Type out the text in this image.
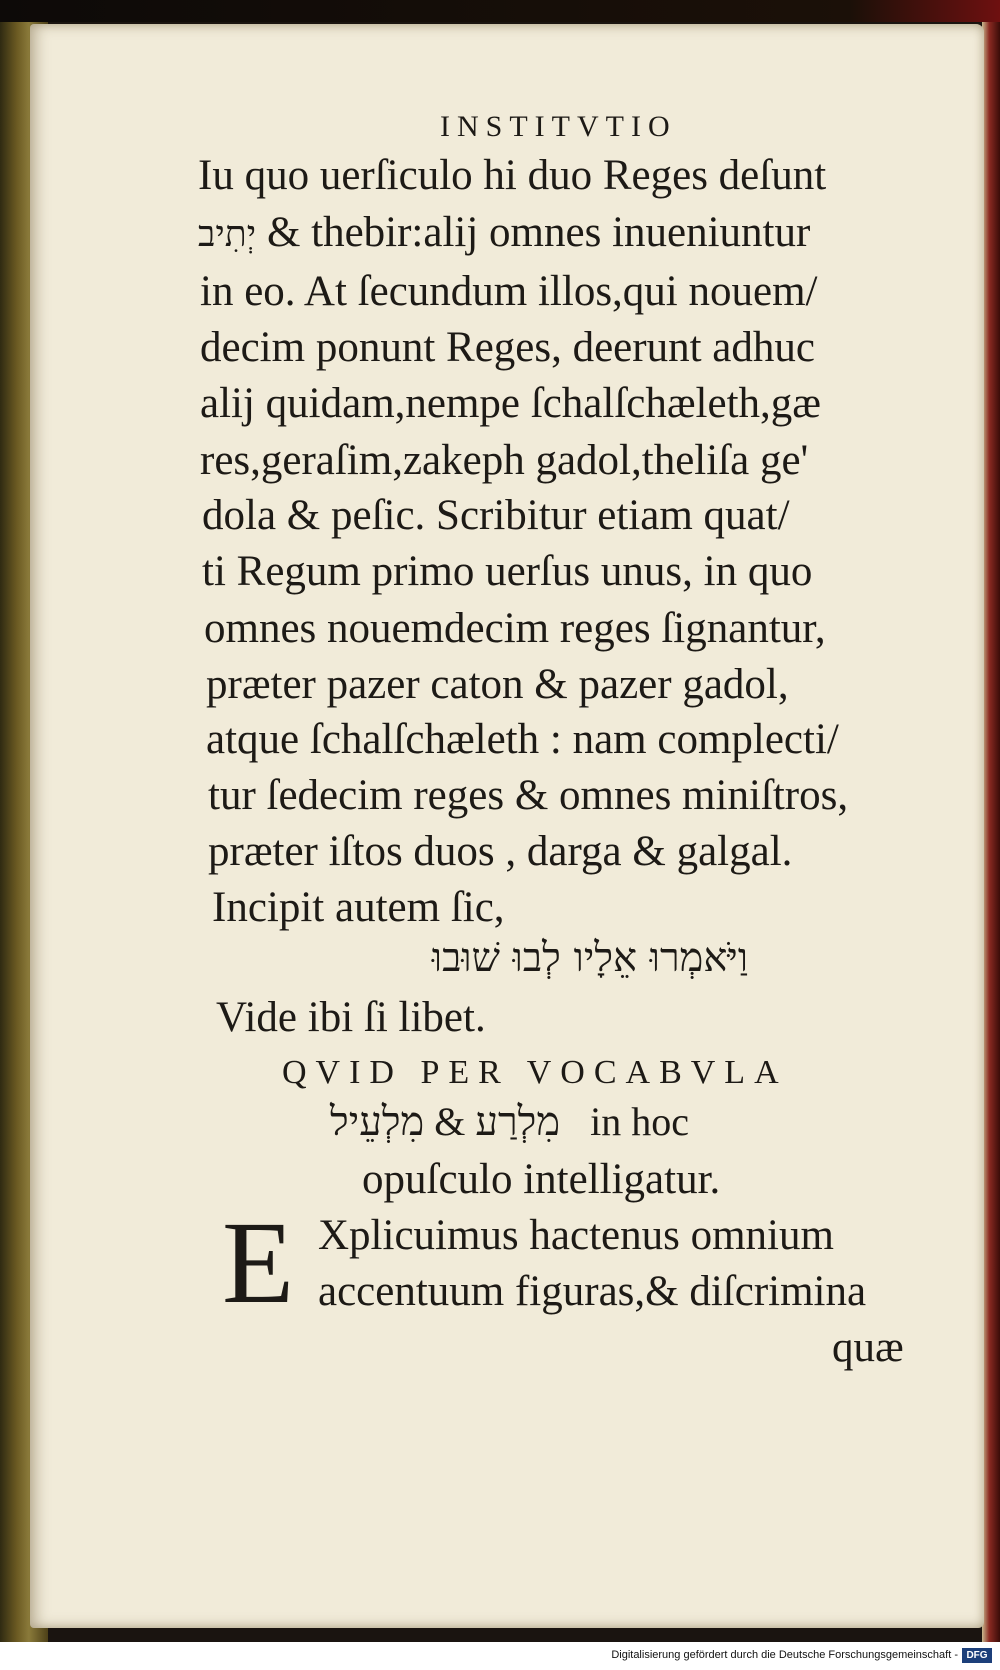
INSTITVTIO
Iu quo uerſiculo hi duo Reges deſunt
יְתִיב & thebir:alij omnes inueniuntur
in eo. At ſecundum illos,qui nouem/
decim ponunt Reges, deerunt adhuc
alij quidam,nempe ſchalſchæleth,gæ
res,geraſim,zakeph gadol,theliſa ge'
dola & peſic. Scribitur etiam quat/
ti Regum primo uerſus unus, in quo
omnes nouemdecim reges ſignantur,
præter pazer caton & pazer gadol,
atque ſchalſchæleth : nam complecti/
tur ſedecim reges & omnes miniſtros,
præter iſtos duos , darga & galgal.
Incipit autem ſic,
וַיֹּאמְרוּ אֵלָיו לְבוּ שׁוּבוּ
Vide ibi ſi libet.
QVID PER VOCABVLA
מִלְרַע & מִלְעֵיל	in hoc
opuſculo intelligatur.
E Xplicuimus hactenus omnium
accentuum figuras,& diſcrimina
quæ
Digitalisierung gefördert durch die Deutsche Forschungsgemeinschaft - DFG
